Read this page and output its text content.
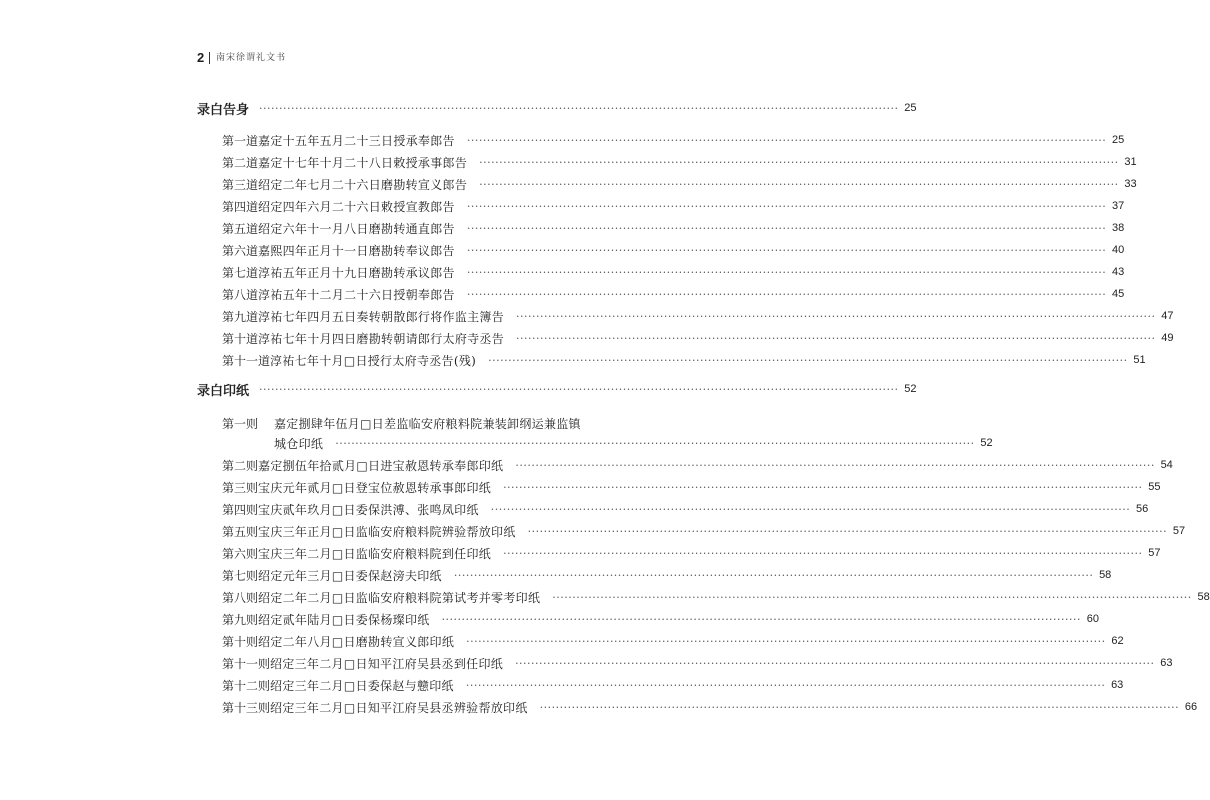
2 南宋徐谓礼文书
录白告身 ································································································································································ 25
第一道 嘉定十五年五月二十三日授承奉郎告 ································································································································································ 25
第二道 嘉定十七年十月二十八日敕授承事郎告 ································································································································································ 31
第三道 绍定二年七月二十六日磨勘转宣义郎告 ································································································································································ 33
第四道 绍定四年六月二十六日敕授宣教郎告 ································································································································································ 37
第五道 绍定六年十一月八日磨勘转通直郎告 ································································································································································ 38
第六道 嘉熙四年正月十一日磨勘转奉议郎告 ································································································································································ 40
第七道 淳祐五年正月十九日磨勘转承议郎告 ································································································································································ 43
第八道 淳祐五年十二月二十六日授朝奉郎告 ································································································································································ 45
第九道 淳祐七年四月五日奏转朝散郎行将作监主簿告 ································································································································································ 47
第十道 淳祐七年十月四日磨勘转朝请郎行太府寺丞告 ································································································································································ 49
第十一道 淳祐七年十月□日授行太府寺丞告(残) ································································································································································ 51
录白印纸 ································································································································································ 52
第一则	嘉定捌肆年伍月□日差监临安府粮料院兼装卸纲运兼监镇
城仓印纸 ································································································································································ 52
第二则 嘉定捌伍年拾贰月□日进宝赦恩转承奉郎印纸 ································································································································································ 54
第三则 宝庆元年贰月□日登宝位赦恩转承事郎印纸 ································································································································································ 55
第四则 宝庆贰年玖月□日委保洪溥、张鸣凤印纸 ································································································································································ 56
第五则 宝庆三年正月□日监临安府粮料院辨验帮放印纸 ································································································································································ 57
第六则 宝庆三年二月□日监临安府粮料院到任印纸 ································································································································································ 57
第七则 绍定元年三月□日委保赵滂夫印纸 ································································································································································ 58
第八则 绍定二年二月□日监临安府粮料院第试考并零考印纸 ································································································································································ 58
第九则 绍定贰年陆月□日委保杨璨印纸 ································································································································································ 60
第十则 绍定二年八月□日磨勘转宣义郎印纸 ································································································································································ 62
第十一则 绍定三年二月□日知平江府吴县丞到任印纸 ································································································································································ 63
第十二则 绍定三年二月□日委保赵与戆印纸 ································································································································································ 63
第十三则 绍定三年二月□日知平江府吴县丞辨验帮放印纸 ································································································································································ 66
